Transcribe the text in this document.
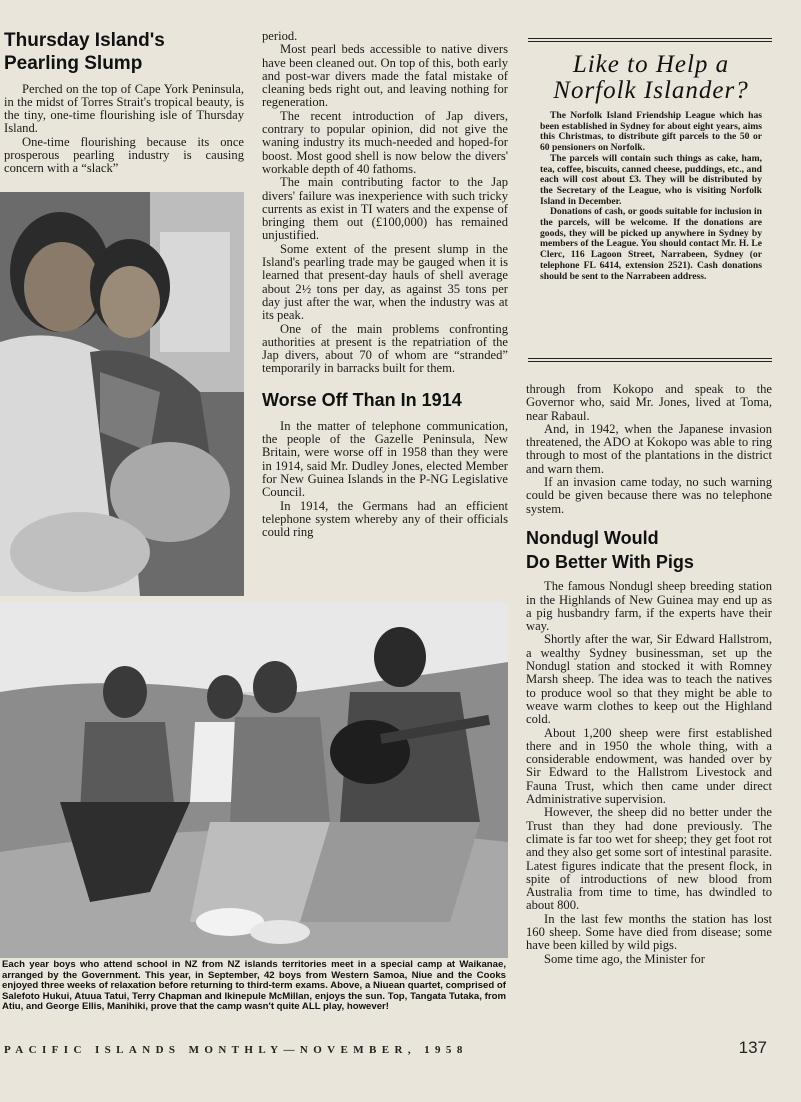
Thursday Island's
Pearling Slump

Perched on the top of Cape York Peninsula, in the midst of Torres Strait's tropical beauty, is the tiny, one-time flourishing isle of Thursday Island.

One-time flourishing because its once prosperous pearling industry is causing concern with a “slack”

period.

Most pearl beds accessible to native divers have been cleaned out. On top of this, both early and post-war divers made the fatal mistake of cleaning beds right out, and leaving nothing for regeneration.

The recent introduction of Jap divers, contrary to popular opinion, did not give the waning industry its much-needed and hoped-for boost. Most good shell is now below the divers' workable depth of 40 fathoms.

The main contributing factor to the Jap divers' failure was inexperience with such tricky currents as exist in TI waters and the expense of bringing them out (£100,000) has remained unjustified.

Some extent of the present slump in the Island's pearling trade may be gauged when it is learned that present-day hauls of shell average about 2½ tons per day, as against 35 tons per day just after the war, when the industry was at its peak.

One of the main problems confronting authorities at present is the repatriation of the Jap divers, about 70 of whom are “stranded” temporarily in barracks built for them.

Worse Off Than In 1914

In the matter of telephone communication, the people of the Gazelle Peninsula, New Britain, were worse off in 1958 than they were in 1914, said Mr. Dudley Jones, elected Member for New Guinea Islands in the P-NG Legislative Council.

In 1914, the Germans had an efficient telephone system whereby any of their officials could ring

Each year boys who attend school in NZ from NZ islands territories meet in a special camp at Waikanae, arranged by the Government. This year, in September, 42 boys from Western Samoa, Niue and the Cooks enjoyed three weeks of relaxation before returning to third-term exams. Above, a Niuean quartet, comprised of Salefoto Hukui, Atuua Tatui, Terry Chapman and Ikinepule McMillan, enjoys the sun. Top, Tangata Tutaka, from Atiu, and George Ellis, Manihiki, prove that the camp wasn't quite ALL play, however!
Like to Help a
Norfolk Islander?

The Norfolk Island Friendship League which has been established in Sydney for about eight years, aims this Christmas, to distribute gift parcels to the 50 or 60 pensioners on Norfolk.

The parcels will contain such things as cake, ham, tea, coffee, biscuits, canned cheese, puddings, etc., and each will cost about £3. They will be distributed by the Secretary of the League, who is visiting Norfolk Island in December.

Donations of cash, or goods suitable for inclusion in the parcels, will be welcome. If the donations are goods, they will be picked up anywhere in Sydney by members of the League. You should contact Mr. H. Le Clerc, 116 Lagoon Street, Narrabeen, Sydney (or telephone FL 6414, extension 2521). Cash donations should be sent to the Narrabeen address.

through from Kokopo and speak to the Governor who, said Mr. Jones, lived at Toma, near Rabaul.

And, in 1942, when the Japanese invasion threatened, the ADO at Kokopo was able to ring through to most of the plantations in the district and warn them.

If an invasion came today, no such warning could be given because there was no telephone system.

Nondugl Would
Do Better With Pigs

The famous Nondugl sheep breeding station in the Highlands of New Guinea may end up as a pig husbandry farm, if the experts have their way.

Shortly after the war, Sir Edward Hallstrom, a wealthy Sydney businessman, set up the Nondugl station and stocked it with Romney Marsh sheep. The idea was to teach the natives to produce wool so that they might be able to weave warm clothes to keep out the Highland cold.

About 1,200 sheep were first established there and in 1950 the whole thing, with a considerable endowment, was handed over by Sir Edward to the Hallstrom Livestock and Fauna Trust, which then came under direct Administrative supervision.

However, the sheep did no better under the Trust than they had done previously. The climate is far too wet for sheep; they get foot rot and they also get some sort of intestinal parasite. Latest figures indicate that the present flock, in spite of introductions of new blood from Australia from time to time, has dwindled to about 800.

In the last few months the station has lost 160 sheep. Some have died from disease; some have been killed by wild pigs.

Some time ago, the Minister for

PACIFIC ISLANDS MONTHLY—NOVEMBER, 1958	137
